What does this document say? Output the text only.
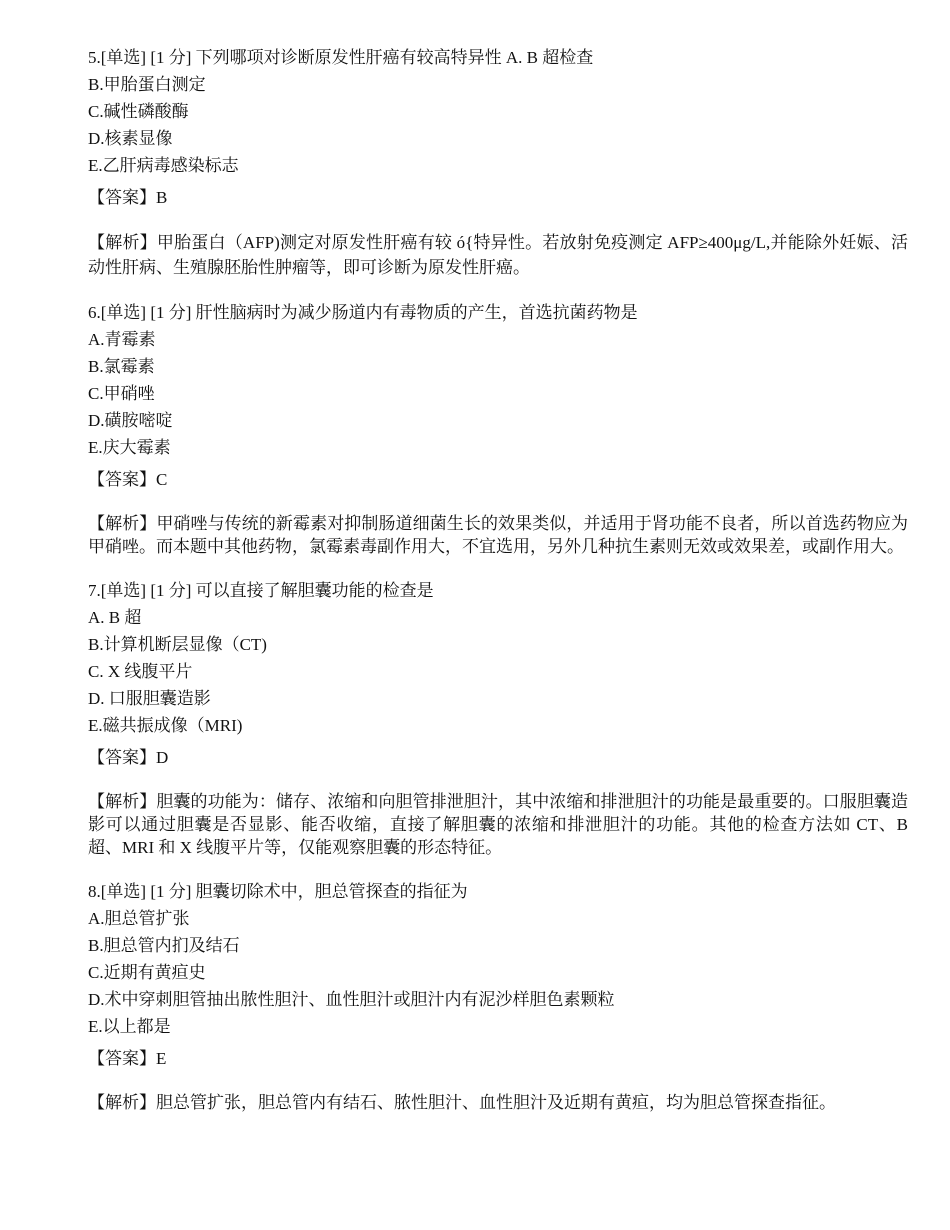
5.[单选] [1 分] 下列哪项对诊断原发性肝癌有较高特异性 A. B 超检查
B.甲胎蛋白测定
C.碱性磷酸酶
D.核素显像
E.乙肝病毒感染标志
【答案】B
【解析】甲胎蛋白（AFP)测定对原发性肝癌有较 ó{特异性。若放射免疫测定 AFP≥400μg/L,并能除外妊娠、活动性肝病、生殖腺胚胎性肿瘤等，即可诊断为原发性肝癌。
6.[单选] [1 分] 肝性脑病时为减少肠道内有毒物质的产生，首选抗菌药物是
A.青霉素
B.氯霉素
C.甲硝唑
D.磺胺嘧啶
E.庆大霉素
【答案】C
【解析】甲硝唑与传统的新霉素对抑制肠道细菌生长的效果类似，并适用于肾功能不良者，所以首选药物应为甲硝唑。而本题中其他药物，氯霉素毒副作用大，不宜选用，另外几种抗生素则无效或效果差，或副作用大。
7.[单选] [1 分] 可以直接了解胆囊功能的检查是
A. B 超
B.计算机断层显像（CT)
C. X 线腹平片
D. 口服胆囊造影
E.磁共振成像（MRI)
【答案】D
【解析】胆囊的功能为：储存、浓缩和向胆管排泄胆汁，其中浓缩和排泄胆汁的功能是最重要的。口服胆囊造影可以通过胆囊是否显影、能否收缩，直接了解胆囊的浓缩和排泄胆汁的功能。其他的检查方法如 CT、B 超、MRI 和 X 线腹平片等，仅能观察胆囊的形态特征。
8.[单选] [1 分] 胆囊切除术中，胆总管探查的指征为
A.胆总管扩张
B.胆总管内扪及结石
C.近期有黄疸史
D.术中穿刺胆管抽出脓性胆汁、血性胆汁或胆汁内有泥沙样胆色素颗粒
E.以上都是
【答案】E
【解析】胆总管扩张，胆总管内有结石、脓性胆汁、血性胆汁及近期有黄疸，均为胆总管探查指征。
